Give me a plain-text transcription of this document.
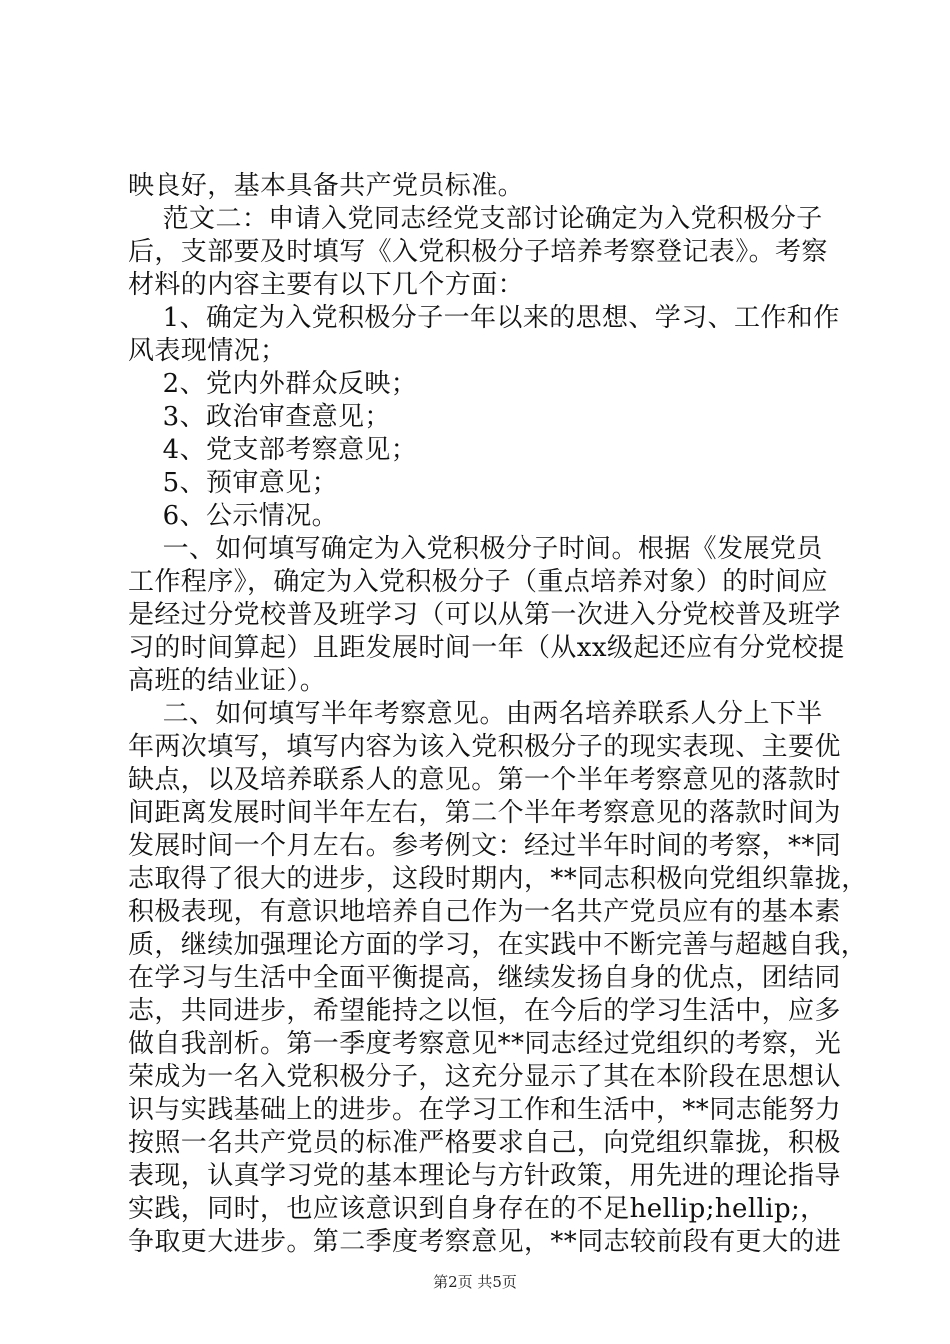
映良好，基本具备共产党员标准。
范文二：申请入党同志经党支部讨论确定为入党积极分子
后，支部要及时填写《入党积极分子培养考察登记表》。考察
材料的内容主要有以下几个方面：
1、确定为入党积极分子一年以来的思想、学习、工作和作
风表现情况；
2、党内外群众反映；
3、政治审查意见；
4、党支部考察意见；
5、预审意见；
6、公示情况。
一、如何填写确定为入党积极分子时间。根据《发展党员
工作程序》，确定为入党积极分子（重点培养对象）的时间应
是经过分党校普及班学习（可以从第一次进入分党校普及班学
习的时间算起）且距发展时间一年（从xx级起还应有分党校提
高班的结业证）。
二、如何填写半年考察意见。由两名培养联系人分上下半
年两次填写，填写内容为该入党积极分子的现实表现、主要优
缺点，以及培养联系人的意见。第一个半年考察意见的落款时
间距离发展时间半年左右，第二个半年考察意见的落款时间为
发展时间一个月左右。参考例文：经过半年时间的考察，**同
志取得了很大的进步，这段时期内，**同志积极向党组织靠拢，
积极表现，有意识地培养自己作为一名共产党员应有的基本素
质，继续加强理论方面的学习，在实践中不断完善与超越自我，
在学习与生活中全面平衡提高，继续发扬自身的优点，团结同
志，共同进步，希望能持之以恒，在今后的学习生活中，应多
做自我剖析。第一季度考察意见**同志经过党组织的考察，光
荣成为一名入党积极分子，这充分显示了其在本阶段在思想认
识与实践基础上的进步。在学习工作和生活中，**同志能努力
按照一名共产党员的标准严格要求自己，向党组织靠拢，积极
表现，认真学习党的基本理论与方针政策，用先进的理论指导
实践，同时，也应该意识到自身存在的不足hellip;hellip;，
争取更大进步。第二季度考察意见，**同志较前段有更大的进
第2页 共5页
